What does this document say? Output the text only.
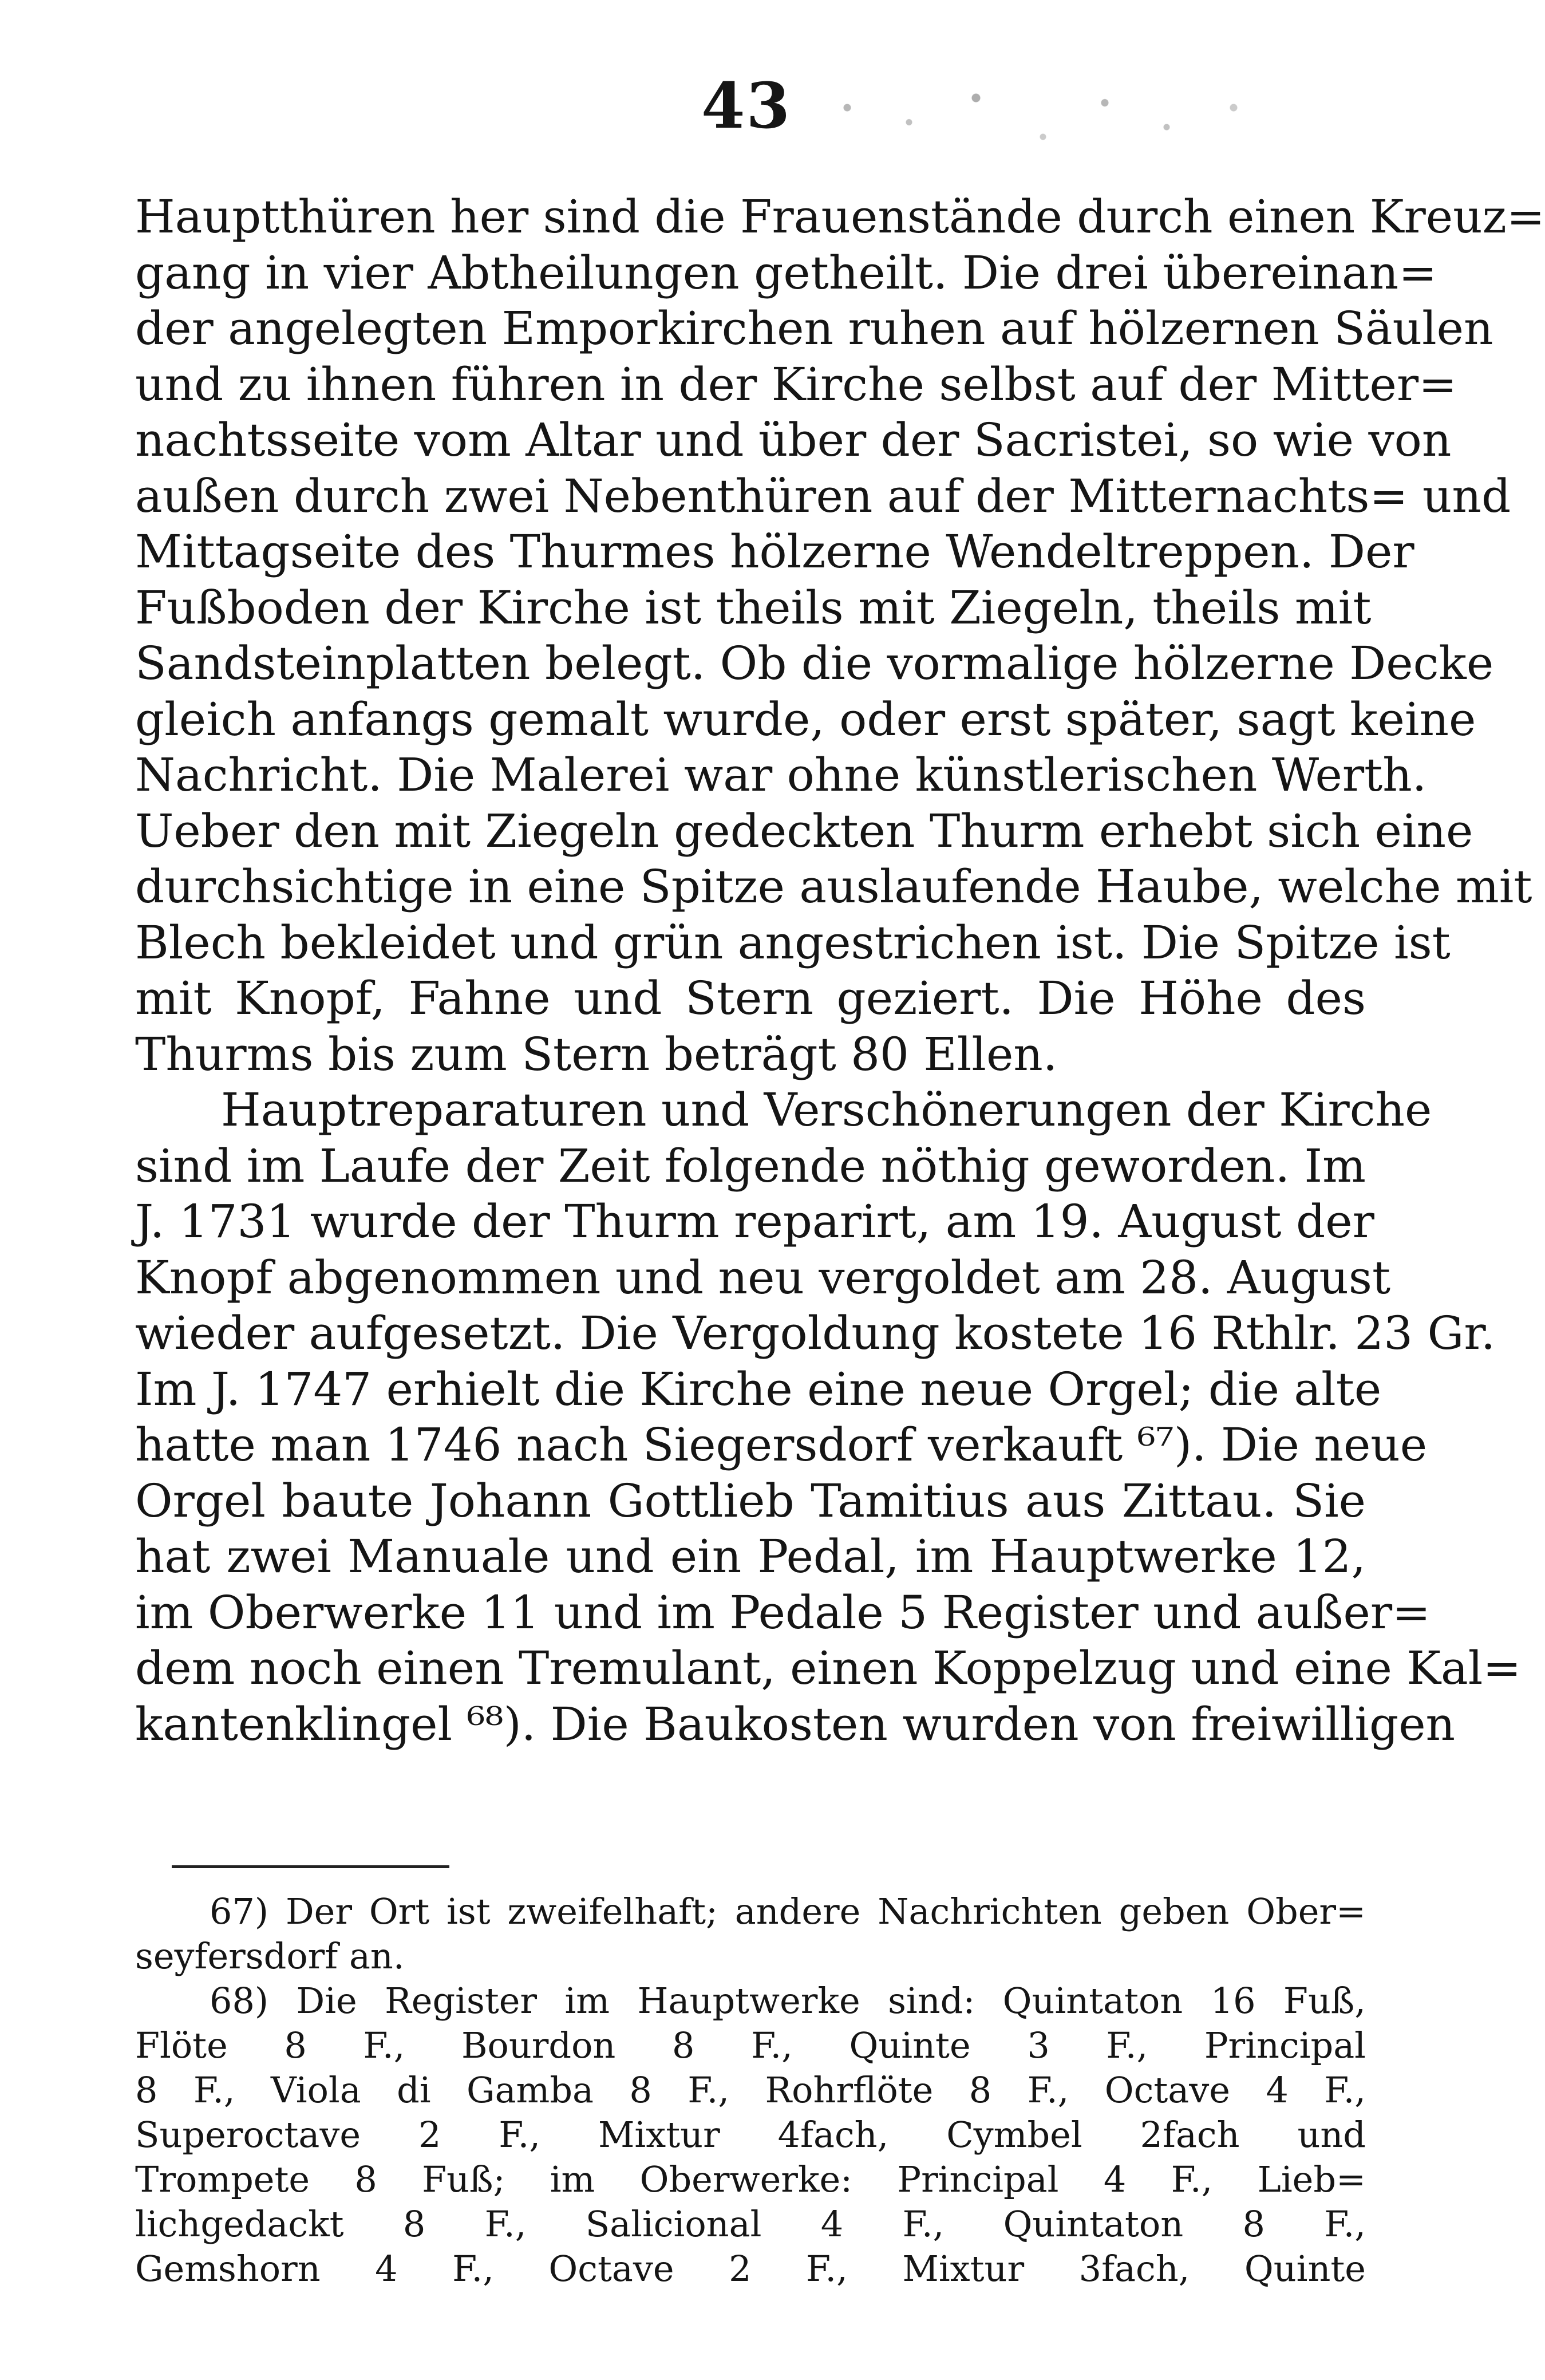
43
Hauptthüren her sind die Frauenstände durch einen Kreuz=
gang in vier Abtheilungen getheilt. Die drei übereinan=
der angelegten Emporkirchen ruhen auf hölzernen Säulen
und zu ihnen führen in der Kirche selbst auf der Mitter=
nachtsseite vom Altar und über der Sacristei, so wie von
außen durch zwei Nebenthüren auf der Mitternachts= und
Mittagseite des Thurmes hölzerne Wendeltreppen. Der
Fußboden der Kirche ist theils mit Ziegeln, theils mit
Sandsteinplatten belegt. Ob die vormalige hölzerne Decke
gleich anfangs gemalt wurde, oder erst später, sagt keine
Nachricht. Die Malerei war ohne künstlerischen Werth.
Ueber den mit Ziegeln gedeckten Thurm erhebt sich eine
durchsichtige in eine Spitze auslaufende Haube, welche mit
Blech bekleidet und grün angestrichen ist. Die Spitze ist
mit Knopf, Fahne und Stern geziert. Die Höhe des
Thurms bis zum Stern beträgt 80 Ellen.
Hauptreparaturen und Verschönerungen der Kirche
sind im Laufe der Zeit folgende nöthig geworden. Im
J. 1731 wurde der Thurm reparirt, am 19. August der
Knopf abgenommen und neu vergoldet am 28. August
wieder aufgesetzt. Die Vergoldung kostete 16 Rthlr. 23 Gr.
Im J. 1747 erhielt die Kirche eine neue Orgel; die alte
hatte man 1746 nach Siegersdorf verkauft ⁶⁷). Die neue
Orgel baute Johann Gottlieb Tamitius aus Zittau. Sie
hat zwei Manuale und ein Pedal, im Hauptwerke 12,
im Oberwerke 11 und im Pedale 5 Register und außer=
dem noch einen Tremulant, einen Koppelzug und eine Kal=
kantenklingel ⁶⁸). Die Baukosten wurden von freiwilligen
67) Der Ort ist zweifelhaft; andere Nachrichten geben Ober=
seyfersdorf an.
68) Die Register im Hauptwerke sind: Quintaton 16 Fuß,
Flöte 8 F., Bourdon 8 F., Quinte 3 F., Principal
8 F., Viola di Gamba 8 F., Rohrflöte 8 F., Octave 4 F.,
Superoctave 2 F., Mixtur 4fach, Cymbel 2fach und
Trompete 8 Fuß; im Oberwerke: Principal 4 F., Lieb=
lichgedackt 8 F., Salicional 4 F., Quintaton 8 F.,
Gemshorn 4 F., Octave 2 F., Mixtur 3fach, Quinte
